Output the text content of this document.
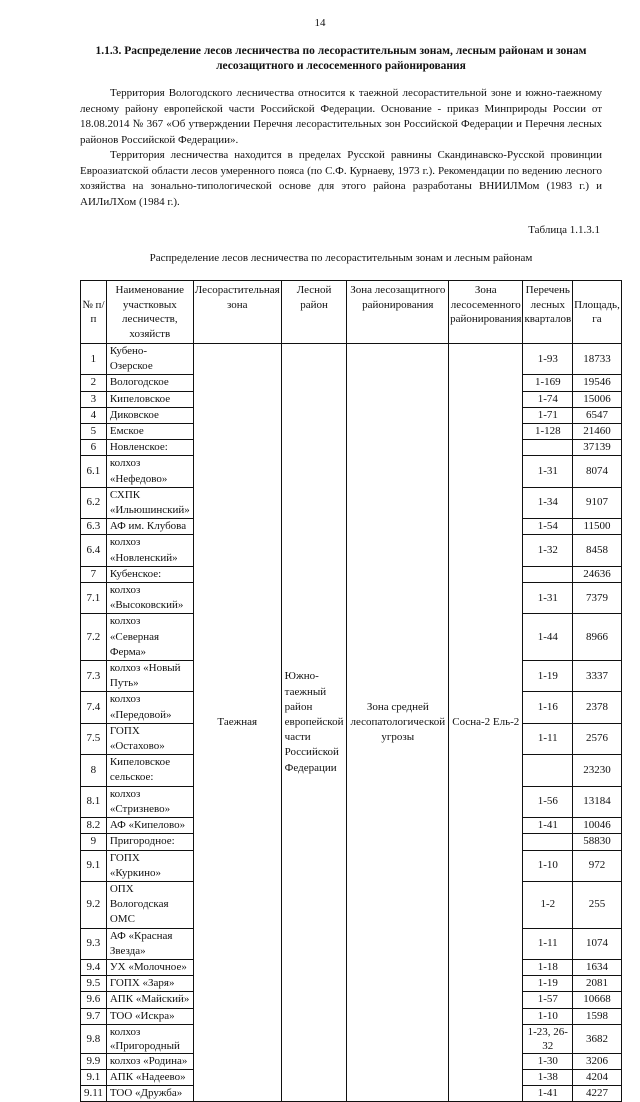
14
1.1.3. Распределение лесов лесничества по лесорастительным зонам, лесным районам и зонам лесозащитного и лесосеменного районирования

Территория Вологодского лесничества относится к таежной лесорастительной зоне и южно-таежному лесному району европейской части Российской Федерации. Основание - приказ Минприроды России от 18.08.2014 № 367 «Об утверждении Перечня лесорастительных зон Российской Федерации и Перечня лесных районов Российской Федерации».

Территория лесничества находится в пределах Русской равнины Скандинавско-Русской провинции Евроазиатской области лесов умеренного пояса (по С.Ф. Курнаеву, 1973 г.). Рекомендации по ведению лесного хозяйства на зонально-типологической основе для этого района разработаны ВНИИЛМом (1983 г.) и АИЛиЛХом (1984 г.).

Таблица 1.1.3.1
Распределение лесов лесничества по лесорастительным зонам и лесным районам
№ п/п	Наименование участковых лесничеств, хозяйств	Лесорастительная зона	Лесной район	Зона лесозащитного районирования	Зона лесосеменного районирования	Перечень лесных кварталов	Площадь, га
1	Кубено-Озерское	Таежная	Южно-таежный район европейской части Российской Федерации	Зона средней лесопатологической угрозы	Сосна-2 Ель-2	1-93	18733
2	Вологодское					1-169	19546
3	Кипеловское					1-74	15006
4	Диковское					1-71	6547
5	Емское					1-128	21460
6	Новленское:						37139
6.1	колхоз «Нефедово»					1-31	8074
6.2	СХПК «Ильюшинский»					1-34	9107
6.3	АФ им. Клубова					1-54	11500
6.4	колхоз «Новленский»					1-32	8458
7	Кубенское:						24636
7.1	колхоз «Высоковский»					1-31	7379
7.2	колхоз «Северная Ферма»					1-44	8966
7.3	колхоз «Новый Путь»					1-19	3337
7.4	колхоз «Передовой»					1-16	2378
7.5	ГОПХ «Остахово»					1-11	2576
8	Кипеловское сельское:						23230
8.1	колхоз «Стризнево»					1-56	13184
8.2	АФ «Кипелово»					1-41	10046
9	Пригородное:						58830
9.1	ГОПХ «Куркино»					1-10	972
9.2	ОПХ Вологодская ОМС					1-2	255
9.3	АФ «Красная Звезда»					1-11	1074
9.4	УХ «Молочное»					1-18	1634
9.5	ГОПХ «Заря»					1-19	2081
9.6	АПК «Майский»					1-57	10668
9.7	ТОО «Искра»					1-10	1598
9.8	колхоз «Пригородный					1-23, 26-32	3682
9.9	колхоз «Родина»					1-30	3206
9.1	АПК «Надеево»					1-38	4204
9.11	ТОО «Дружба»					1-41	4227
